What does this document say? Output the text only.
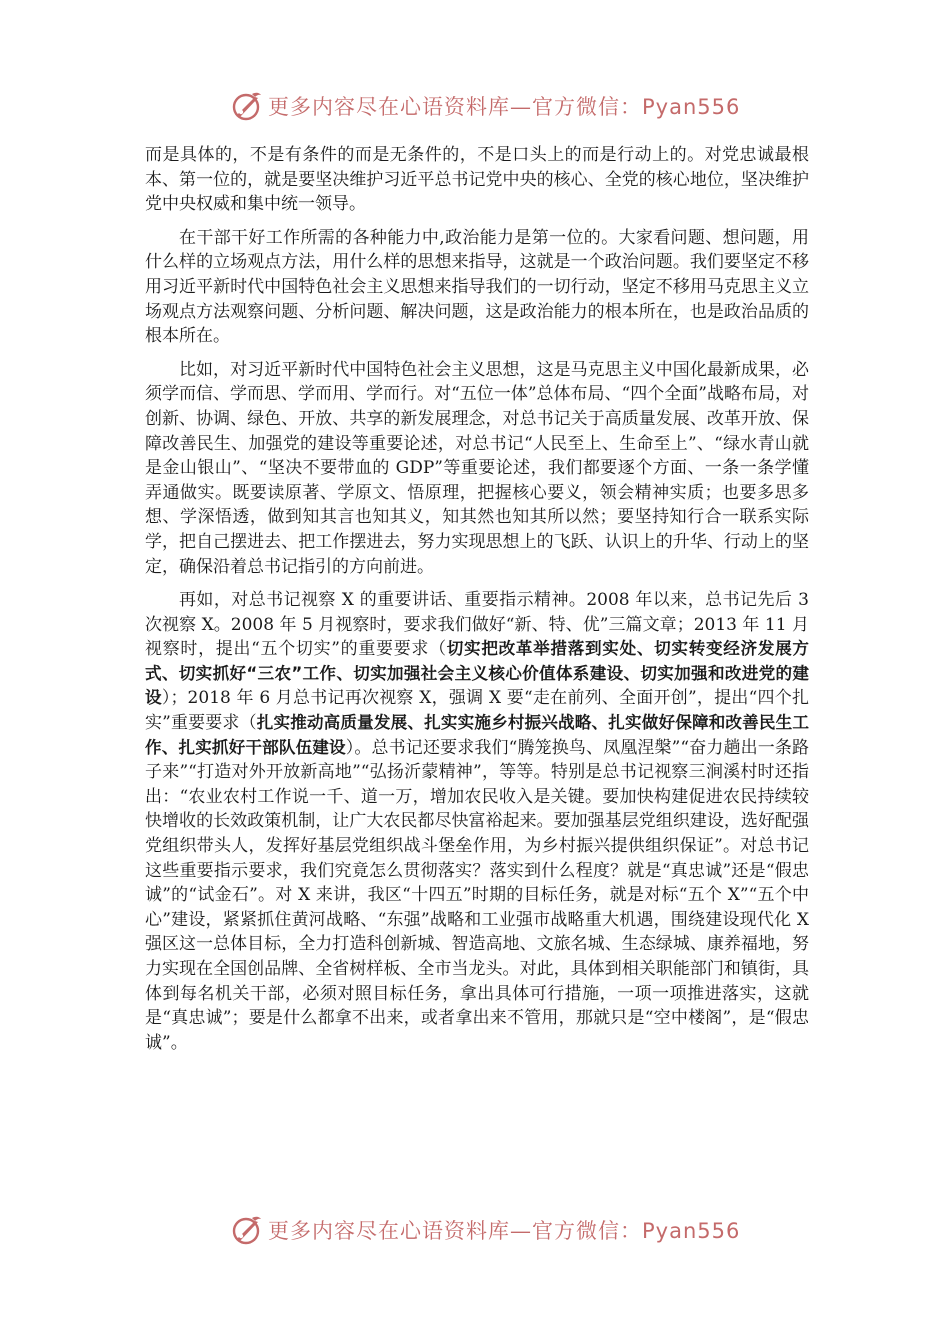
更多内容尽在心语资料库—官方微信：Pyan556

而是具体的，不是有条件的而是无条件的，不是口头上的而是行动上的。对党忠诚最根本、第一位的，就是要坚决维护习近平总书记党中央的核心、全党的核心地位，坚决维护党中央权威和集中统一领导。

在干部干好工作所需的各种能力中,政治能力是第一位的。大家看问题、想问题，用什么样的立场观点方法，用什么样的思想来指导，这就是一个政治问题。我们要坚定不移用习近平新时代中国特色社会主义思想来指导我们的一切行动，坚定不移用马克思主义立场观点方法观察问题、分析问题、解决问题，这是政治能力的根本所在，也是政治品质的根本所在。

比如，对习近平新时代中国特色社会主义思想，这是马克思主义中国化最新成果，必须学而信、学而思、学而用、学而行。对“五位一体”总体布局、“四个全面”战略布局，对创新、协调、绿色、开放、共享的新发展理念，对总书记关于高质量发展、改革开放、保障改善民生、加强党的建设等重要论述，对总书记“人民至上、生命至上”、“绿水青山就是金山银山”、“坚决不要带血的 GDP”等重要论述，我们都要逐个方面、一条一条学懂弄通做实。既要读原著、学原文、悟原理，把握核心要义，领会精神实质；也要多思多想、学深悟透，做到知其言也知其义，知其然也知其所以然；要坚持知行合一联系实际学，把自己摆进去、把工作摆进去，努力实现思想上的飞跃、认识上的升华、行动上的坚定，确保沿着总书记指引的方向前进。

再如，对总书记视察 X 的重要讲话、重要指示精神。2008 年以来，总书记先后 3 次视察 X。2008 年 5 月视察时，要求我们做好“新、特、优”三篇文章；2013 年 11 月视察时，提出“五个切实”的重要要求（切实把改革举措落到实处、切实转变经济发展方式、切实抓好“三农”工作、切实加强社会主义核心价值体系建设、切实加强和改进党的建设）；2018 年 6 月总书记再次视察 X，强调 X 要“走在前列、全面开创”，提出“四个扎实”重要要求（扎实推动高质量发展、扎实实施乡村振兴战略、扎实做好保障和改善民生工作、扎实抓好干部队伍建设）。总书记还要求我们“腾笼换鸟、凤凰涅槃”“奋力趟出一条路子来”“打造对外开放新高地”“弘扬沂蒙精神”，等等。特别是总书记视察三涧溪村时还指出：“农业农村工作说一千、道一万，增加农民收入是关键。要加快构建促进农民持续较快增收的长效政策机制，让广大农民都尽快富裕起来。要加强基层党组织建设，选好配强党组织带头人，发挥好基层党组织战斗堡垒作用，为乡村振兴提供组织保证”。对总书记这些重要指示要求，我们究竟怎么贯彻落实？落实到什么程度？就是“真忠诚”还是“假忠诚”的“试金石”。对 X 来讲，我区“十四五”时期的目标任务，就是对标“五个 X”“五个中心”建设，紧紧抓住黄河战略、“东强”战略和工业强市战略重大机遇，围绕建设现代化 X 强区这一总体目标，全力打造科创新城、智造高地、文旅名城、生态绿城、康养福地，努力实现在全国创品牌、全省树样板、全市当龙头。对此，具体到相关职能部门和镇街，具体到每名机关干部，必须对照目标任务，拿出具体可行措施，一项一项推进落实，这就是“真忠诚”；要是什么都拿不出来，或者拿出来不管用，那就只是“空中楼阁”，是“假忠诚”。

更多内容尽在心语资料库—官方微信：Pyan556
